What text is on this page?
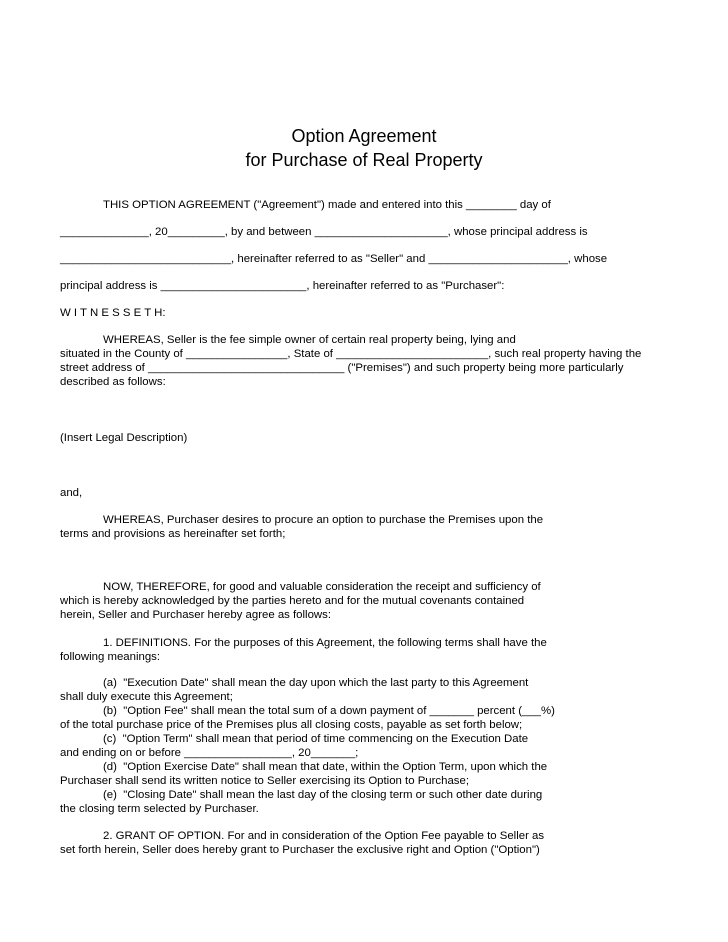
Option Agreement
for Purchase of Real Property
THIS OPTION AGREEMENT ("Agreement") made and entered into this ________ day of
______________, 20_________, by and between _____________________, whose principal address is
___________________________, hereinafter referred to as "Seller" and ______________________, whose
principal address is _______________________, hereinafter referred to as "Purchaser":
W I T N E S S E T H:
WHEREAS, Seller is the fee simple owner of certain real property being, lying and
situated in the County of ________________, State of ________________________, such real property having the
street address of _______________________________ ("Premises") and such property being more particularly
described as follows:
(Insert Legal Description)
and,
WHEREAS, Purchaser desires to procure an option to purchase the Premises upon the
terms and provisions as hereinafter set forth;
NOW, THEREFORE, for good and valuable consideration the receipt and sufficiency of
which is hereby acknowledged by the parties hereto and for the mutual covenants contained
herein, Seller and Purchaser hereby agree as follows:
1. DEFINITIONS. For the purposes of this Agreement, the following terms shall have the
following meanings:
(a)  "Execution Date" shall mean the day upon which the last party to this Agreement
shall duly execute this Agreement;
(b)  "Option Fee" shall mean the total sum of a down payment of _______ percent (___%)
of the total purchase price of the Premises plus all closing costs, payable as set forth below;
(c)  "Option Term" shall mean that period of time commencing on the Execution Date
and ending on or before _________________, 20_______;
(d)  "Option Exercise Date" shall mean that date, within the Option Term, upon which the
Purchaser shall send its written notice to Seller exercising its Option to Purchase;
(e)  "Closing Date" shall mean the last day of the closing term or such other date during
the closing term selected by Purchaser.
2. GRANT OF OPTION. For and in consideration of the Option Fee payable to Seller as
set forth herein, Seller does hereby grant to Purchaser the exclusive right and Option ("Option")
